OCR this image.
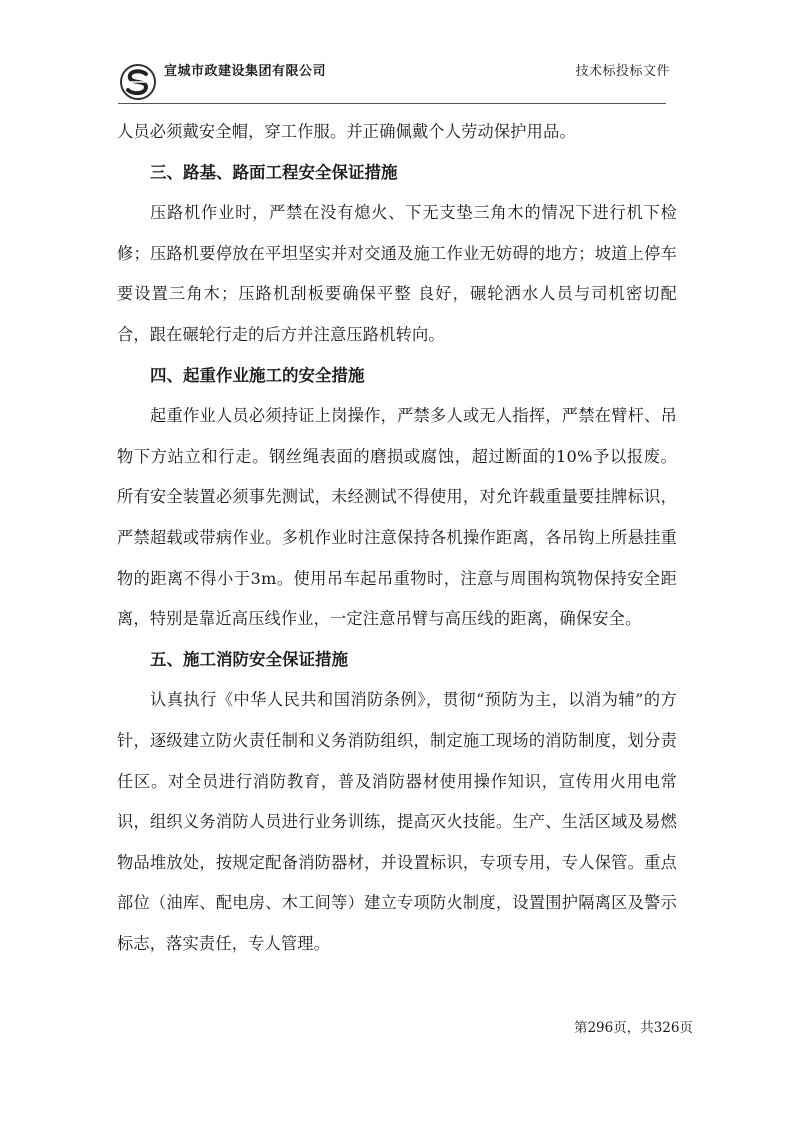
宣城市政建设集团有限公司	技术标投标文件

人员必须戴安全帽，穿工作服。并正确佩戴个人劳动保护用品。

三、路基、路面工程安全保证措施

压路机作业时，严禁在没有熄火、下无支垫三角木的情况下进行机下检修；压路机要停放在平坦坚实并对交通及施工作业无妨碍的地方；坡道上停车要设置三角木；压路机刮板要确保平整 良好，碾轮洒水人员与司机密切配合，跟在碾轮行走的后方并注意压路机转向。

四、起重作业施工的安全措施

起重作业人员必须持证上岗操作，严禁多人或无人指挥，严禁在臂杆、吊物下方站立和行走。钢丝绳表面的磨损或腐蚀，超过断面的10%予以报废。所有安全装置必须事先测试，未经测试不得使用，对允许载重量要挂牌标识，严禁超载或带病作业。多机作业时注意保持各机操作距离，各吊钩上所悬挂重物的距离不得小于3m。使用吊车起吊重物时，注意与周围构筑物保持安全距离，特别是靠近高压线作业，一定注意吊臂与高压线的距离，确保安全。

五、施工消防安全保证措施

认真执行《中华人民共和国消防条例》，贯彻“预防为主，以消为辅”的方针，逐级建立防火责任制和义务消防组织，制定施工现场的消防制度，划分责任区。对全员进行消防教育，普及消防器材使用操作知识，宣传用火用电常识，组织义务消防人员进行业务训练，提高灭火技能。生产、生活区域及易燃物品堆放处，按规定配备消防器材，并设置标识，专项专用，专人保管。重点部位（油库、配电房、木工间等）建立专项防火制度，设置围护隔离区及警示标志，落实责任，专人管理。

第296页，共326页
